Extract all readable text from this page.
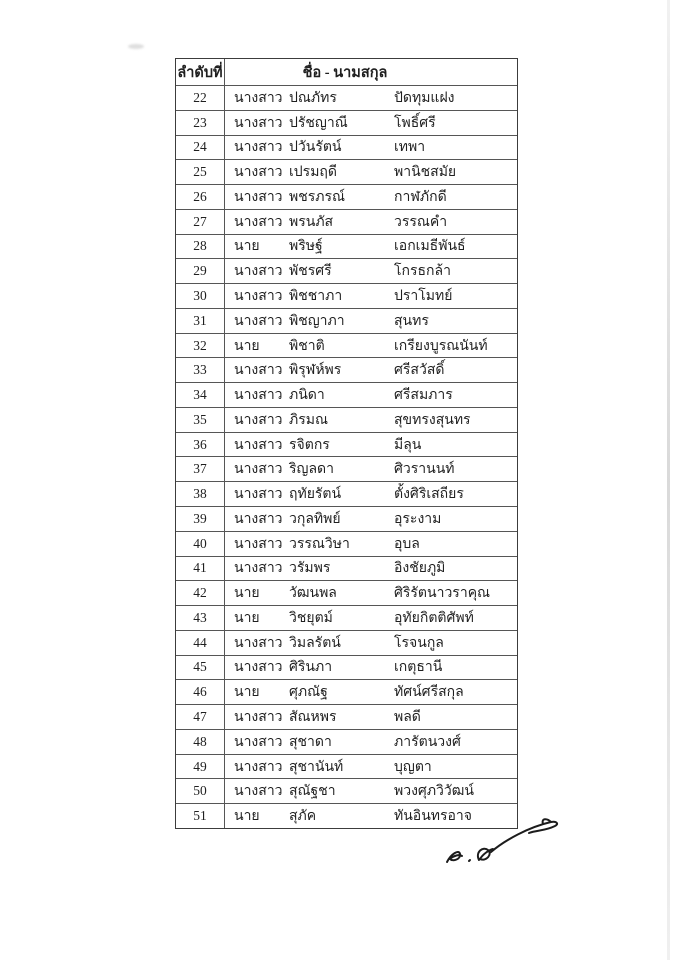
ลำดับที่	ชื่อ - นามสกุล
22 นางสาว ปณภัทร	ปัดทุมแฝง
23 นางสาว ปรัชญาณี	โพธิ์ศรี
24 นางสาว ปวันรัตน์	เทพา
25 นางสาว เปรมฤดี	พานิชสมัย
26 นางสาว พชรภรณ์	กาฬภักดี
27 นางสาว พรนภัส	วรรณคำ
28 นาย พริษฐ์	เอกเมธีพันธ์
29 นางสาว พัชรศรี	โกรธกล้า
30 นางสาว พิชชาภา	ปราโมทย์
31 นางสาว พิชญาภา	สุนทร
32 นาย พิชาติ	เกรียงบูรณนันท์
33 นางสาว พิรุฬห์พร	ศรีสวัสดิ์
34 นางสาว ภนิดา	ศรีสมภาร
35 นางสาว ภิรมณ	สุขทรงสุนทร
36 นางสาว รจิตกร	มีลุน
37 นางสาว ริญลดา	ศิวรานนท์
38 นางสาว ฤทัยรัตน์	ตั้งศิริเสถียร
39 นางสาว วกุลทิพย์	อุระงาม
40 นางสาว วรรณวิษา	อุบล
41 นางสาว วรัมพร	อิงชัยภูมิ
42 นาย วัฒนพล	ศิริรัตนาวราคุณ
43 นาย วิชยุตม์	อุทัยกิตติศัพท์
44 นางสาว วิมลรัตน์	โรจนกูล
45 นางสาว ศิรินภา	เกตุธานี
46 นาย ศุภณัฐ	ทัศน์ศรีสกุล
47 นางสาว สัณหพร	พลดี
48 นางสาว สุชาดา	ภารัตนวงศ์
49 นางสาว สุชานันท์	บุญตา
50 นางสาว สุณัฐชา	พวงศุภวิวัฒน์
51 นาย สุภัค	ทันอินทรอาจ
